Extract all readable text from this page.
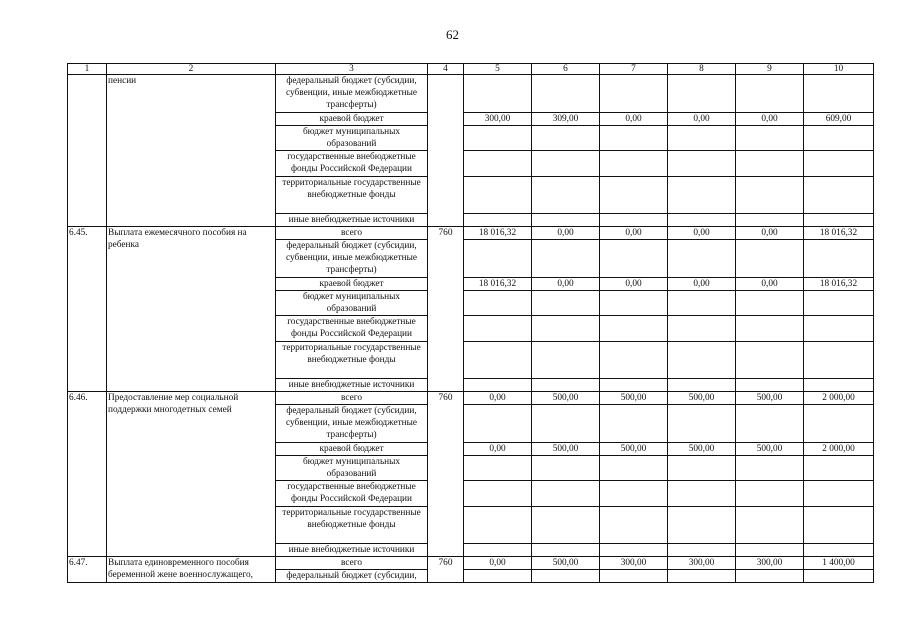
62
1	2	3	4	5	6	7	8	9	10
	пенсии	федеральный бюджет (субсидии, субвенции, иные межбюджетные трансферты)							
		краевой бюджет		300,00	309,00	0,00	0,00	0,00	609,00
		бюджет муниципальных образований							
		государственные внебюджетные фонды Российской Федерации							
		территориальные государственные внебюджетные фонды							
		иные внебюджетные источники							
6.45.	Выплата ежемесячного пособия на ребенка	всего	760	18 016,32	0,00	0,00	0,00	0,00	18 016,32
		федеральный бюджет (субсидии, субвенции, иные межбюджетные трансферты)							
		краевой бюджет		18 016,32	0,00	0,00	0,00	0,00	18 016,32
		бюджет муниципальных образований							
		государственные внебюджетные фонды Российской Федерации							
		территориальные государственные внебюджетные фонды							
		иные внебюджетные источники							
6.46.	Предоставление мер социальной поддержки многодетных семей	всего	760	0,00	500,00	500,00	500,00	500,00	2 000,00
		федеральный бюджет (субсидии, субвенции, иные межбюджетные трансферты)							
		краевой бюджет		0,00	500,00	500,00	500,00	500,00	2 000,00
		бюджет муниципальных образований							
		государственные внебюджетные фонды Российской Федерации							
		территориальные государственные внебюджетные фонды							
		иные внебюджетные источники							
6.47.	Выплата единовременного пособия беременной жене военнослужащего,	всего	760	0,00	500,00	300,00	300,00	300,00	1 400,00
		федеральный бюджет (субсидии,							
